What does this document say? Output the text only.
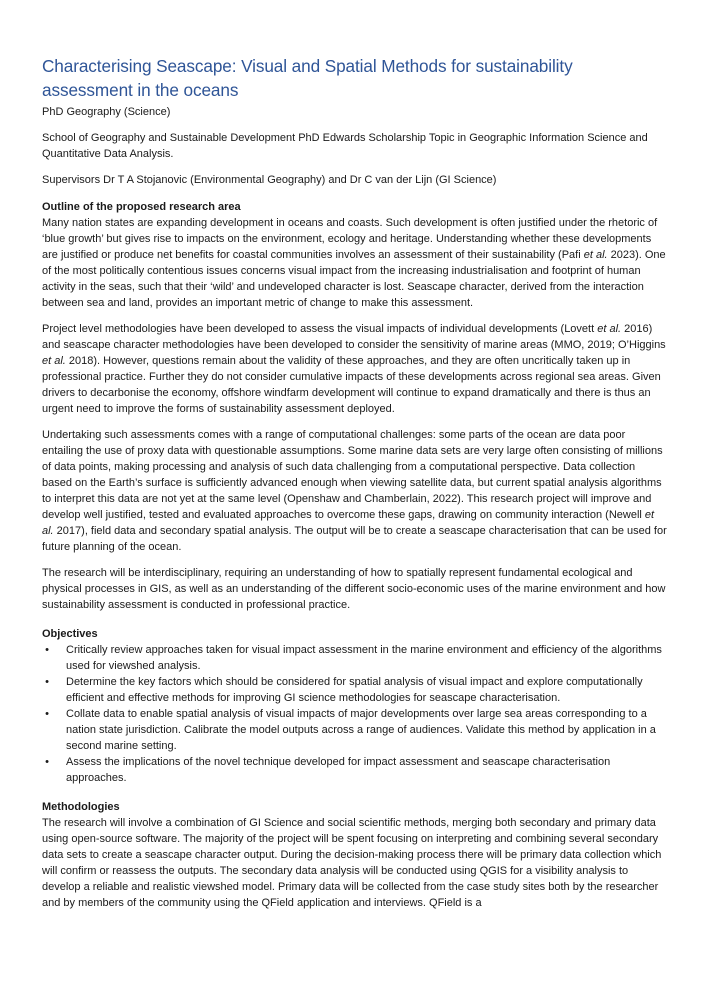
Characterising Seascape: Visual and Spatial Methods for sustainability assessment in the oceans

PhD Geography (Science)

School of Geography and Sustainable Development PhD Edwards Scholarship Topic in Geographic Information Science and Quantitative Data Analysis.

Supervisors Dr T A Stojanovic (Environmental Geography) and Dr C van der Lijn (GI Science)

Outline of the proposed research area

Many nation states are expanding development in oceans and coasts. Such development is often justified under the rhetoric of ‘blue growth’ but gives rise to impacts on the environment, ecology and heritage. Understanding whether these developments are justified or produce net benefits for coastal communities involves an assessment of their sustainability (Pafi et al. 2023). One of the most politically contentious issues concerns visual impact from the increasing industrialisation and footprint of human activity in the seas, such that their ‘wild’ and undeveloped character is lost. Seascape character, derived from the interaction between sea and land, provides an important metric of change to make this assessment.

Project level methodologies have been developed to assess the visual impacts of individual developments (Lovett et al. 2016) and seascape character methodologies have been developed to consider the sensitivity of marine areas (MMO, 2019; O’Higgins et al. 2018). However, questions remain about the validity of these approaches, and they are often uncritically taken up in professional practice. Further they do not consider cumulative impacts of these developments across regional sea areas. Given drivers to decarbonise the economy, offshore windfarm development will continue to expand dramatically and there is thus an urgent need to improve the forms of sustainability assessment deployed.

Undertaking such assessments comes with a range of computational challenges: some parts of the ocean are data poor entailing the use of proxy data with questionable assumptions. Some marine data sets are very large often consisting of millions of data points, making processing and analysis of such data challenging from a computational perspective. Data collection based on the Earth’s surface is sufficiently advanced enough when viewing satellite data, but current spatial analysis algorithms to interpret this data are not yet at the same level (Openshaw and Chamberlain, 2022). This research project will improve and develop well justified, tested and evaluated approaches to overcome these gaps, drawing on community interaction (Newell et al. 2017), field data and secondary spatial analysis. The output will be to create a seascape characterisation that can be used for future planning of the ocean.

The research will be interdisciplinary, requiring an understanding of how to spatially represent fundamental ecological and physical processes in GIS, as well as an understanding of the different socio-economic uses of the marine environment and how sustainability assessment is conducted in professional practice.

Objectives
• Critically review approaches taken for visual impact assessment in the marine environment and efficiency of the algorithms used for viewshed analysis.
• Determine the key factors which should be considered for spatial analysis of visual impact and explore computationally efficient and effective methods for improving GI science methodologies for seascape characterisation.
• Collate data to enable spatial analysis of visual impacts of major developments over large sea areas corresponding to a nation state jurisdiction. Calibrate the model outputs across a range of audiences. Validate this method by application in a second marine setting.
• Assess the implications of the novel technique developed for impact assessment and seascape characterisation approaches.
Methodologies

The research will involve a combination of GI Science and social scientific methods, merging both secondary and primary data using open-source software. The majority of the project will be spent focusing on interpreting and combining several secondary data sets to create a seascape character output. During the decision-making process there will be primary data collection which will confirm or reassess the outputs. The secondary data analysis will be conducted using QGIS for a visibility analysis to develop a reliable and realistic viewshed model. Primary data will be collected from the case study sites both by the researcher and by members of the community using the QField application and interviews. QField is a
